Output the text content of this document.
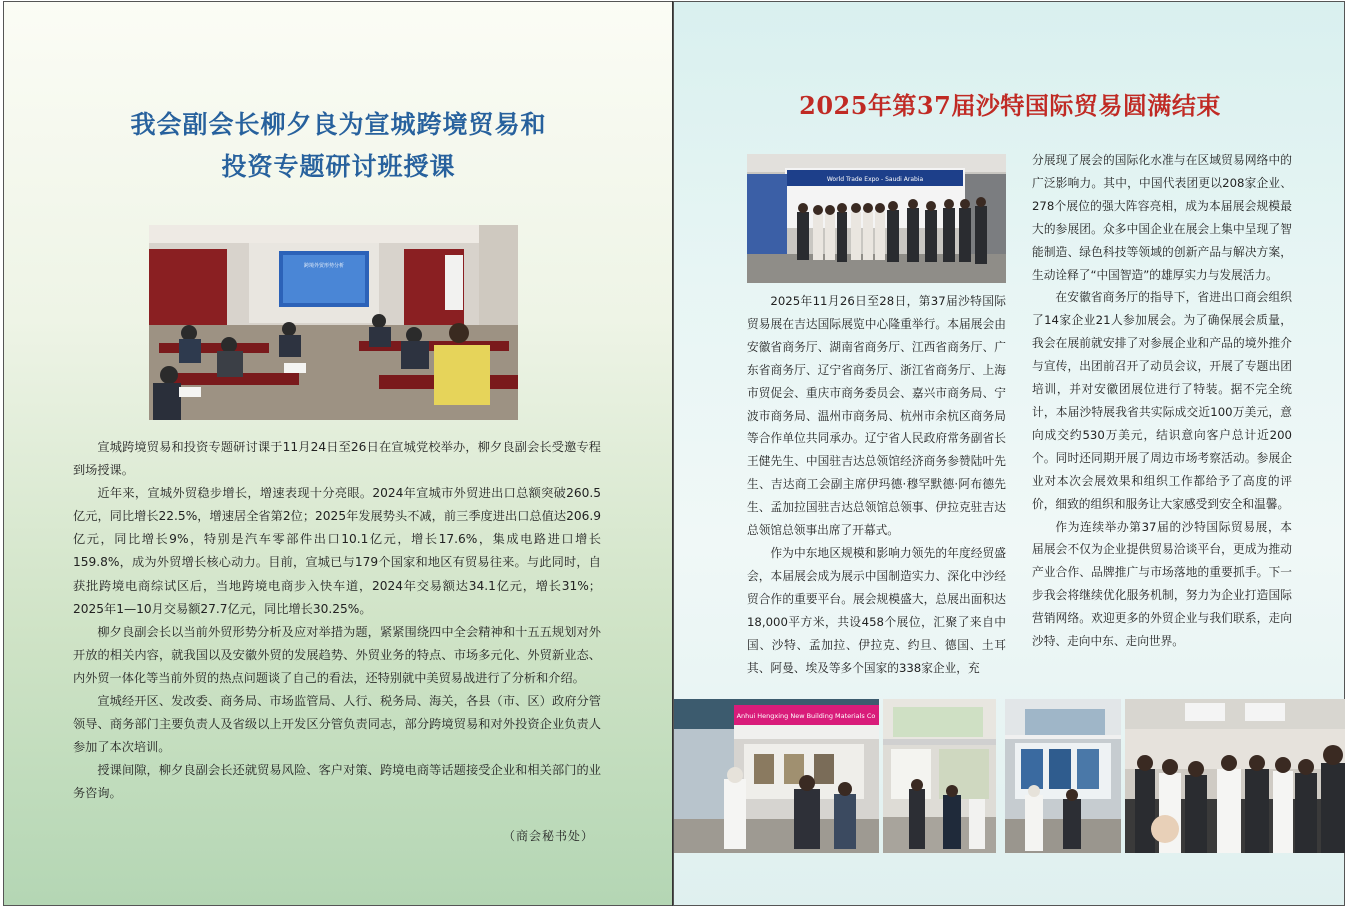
我会副会长柳夕良为宣城跨境贸易和
投资专题研讨班授课
跨境外贸形势分析

宣城跨境贸易和投资专题研讨课于11月24日至26日在宣城党校举办，柳夕良副会长受邀专程到场授课。

近年来，宣城外贸稳步增长，增速表现十分亮眼。2024年宣城市外贸进出口总额突破260.5亿元，同比增长22.5%，增速居全省第2位；2025年发展势头不减，前三季度进出口总值达206.9亿元，同比增长9%，特别是汽车零部件出口10.1亿元，增长17.6%，集成电路进口增长159.8%，成为外贸增长核心动力。目前，宣城已与179个国家和地区有贸易往来。与此同时，自获批跨境电商综试区后，当地跨境电商步入快车道，2024年交易额达34.1亿元，增长31%；2025年1—10月交易额27.7亿元，同比增长30.25%。

柳夕良副会长以当前外贸形势分析及应对举措为题，紧紧围绕四中全会精神和十五五规划对外开放的相关内容，就我国以及安徽外贸的发展趋势、外贸业务的特点、市场多元化、外贸新业态、内外贸一体化等当前外贸的热点问题谈了自己的看法，还特别就中美贸易战进行了分析和介绍。

宣城经开区、发改委、商务局、市场监管局、人行、税务局、海关，各县（市、区）政府分管领导、商务部门主要负责人及省级以上开发区分管负责同志，部分跨境贸易和对外投资企业负责人参加了本次培训。

授课间隙，柳夕良副会长还就贸易风险、客户对策、跨境电商等话题接受企业和相关部门的业务咨询。

（商会秘书处）
2025年第37届沙特国际贸易圆满结束
World Trade Expo - Saudi Arabia

2025年11月26日至28日，第37届沙特国际贸易展在吉达国际展览中心隆重举行。本届展会由安徽省商务厅、湖南省商务厅、江西省商务厅、广东省商务厅、辽宁省商务厅、浙江省商务厅、上海市贸促会、重庆市商务委员会、嘉兴市商务局、宁波市商务局、温州市商务局、杭州市余杭区商务局等合作单位共同承办。辽宁省人民政府常务副省长王健先生、中国驻吉达总领馆经济商务参赞陆叶先生、吉达商工会副主席伊玛德·穆罕默德·阿布德先生、孟加拉国驻吉达总领馆总领事、伊拉克驻吉达总领馆总领事出席了开幕式。

作为中东地区规模和影响力领先的年度经贸盛会，本届展会成为展示中国制造实力、深化中沙经贸合作的重要平台。展会规模盛大，总展出面积达18,000平方米，共设458个展位，汇聚了来自中国、沙特、孟加拉、伊拉克、约旦、德国、土耳其、阿曼、埃及等多个国家的338家企业，充

分展现了展会的国际化水准与在区域贸易网络中的广泛影响力。其中，中国代表团更以208家企业、278个展位的强大阵容亮相，成为本届展会规模最大的参展团。众多中国企业在展会上集中呈现了智能制造、绿色科技等领域的创新产品与解决方案，生动诠释了“中国智造”的雄厚实力与发展活力。

在安徽省商务厅的指导下，省进出口商会组织了14家企业21人参加展会。为了确保展会质量，我会在展前就安排了对参展企业和产品的境外推介与宣传，出团前召开了动员会议，开展了专题出团培训，并对安徽团展位进行了特装。据不完全统计，本届沙特展我省共实际成交近100万美元，意向成交约530万美元，结识意向客户总计近200个。同时还同期开展了周边市场考察活动。参展企业对本次会展效果和组织工作都给予了高度的评价，细致的组织和服务让大家感受到安全和温馨。

作为连续举办第37届的沙特国际贸易展，本届展会不仅为企业提供贸易洽谈平台，更成为推动产业合作、品牌推广与市场落地的重要抓手。下一步我会将继续优化服务机制，努力为企业打造国际营销网络。欢迎更多的外贸企业与我们联系，走向沙特、走向中东、走向世界。

Anhui Hengxing New Building Materials Co
